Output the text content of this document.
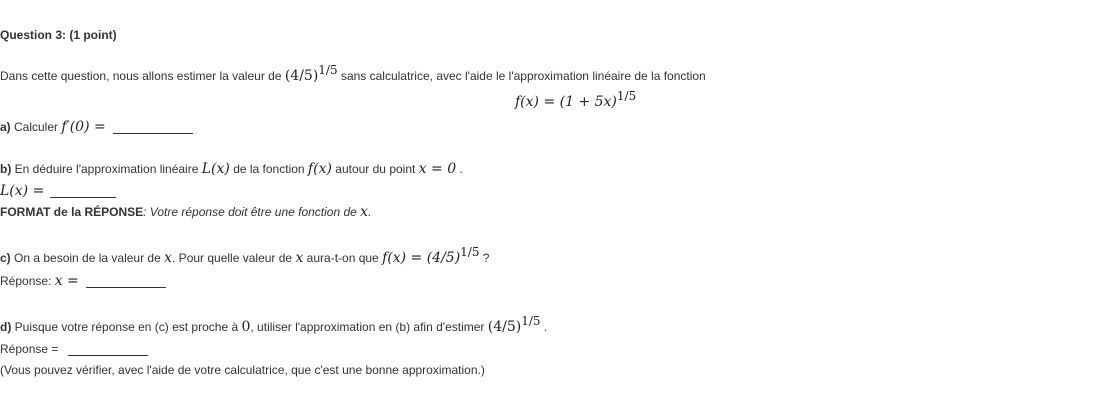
Question 3: (1 point)
Dans cette question, nous allons estimer la valeur de $(4/5)^{1/5}$ sans calculatrice, avec l'aide le l'approximation linéaire de la fonction
$f(x) = (1 + 5x)^{1/5}$
a) Calculer f′(0) =
b) En déduire l'approximation linéaire L(x) de la fonction f(x) autour du point x = 0 .
L(x) =
FORMAT de la RÉPONSE: Votre réponse doit être une fonction de x.
c) On a besoin de la valeur de x. Pour quelle valeur de x aura-t-on que $f(x) = (4/5)^{1/5}$ ?
Réponse: x =
d) Puisque votre réponse en (c) est proche à 0, utiliser l'approximation en (b) afin d'estimer $(4/5)^{1/5}$ .
Réponse =
(Vous pouvez vérifier, avec l'aide de votre calculatrice, que c'est une bonne approximation.)
